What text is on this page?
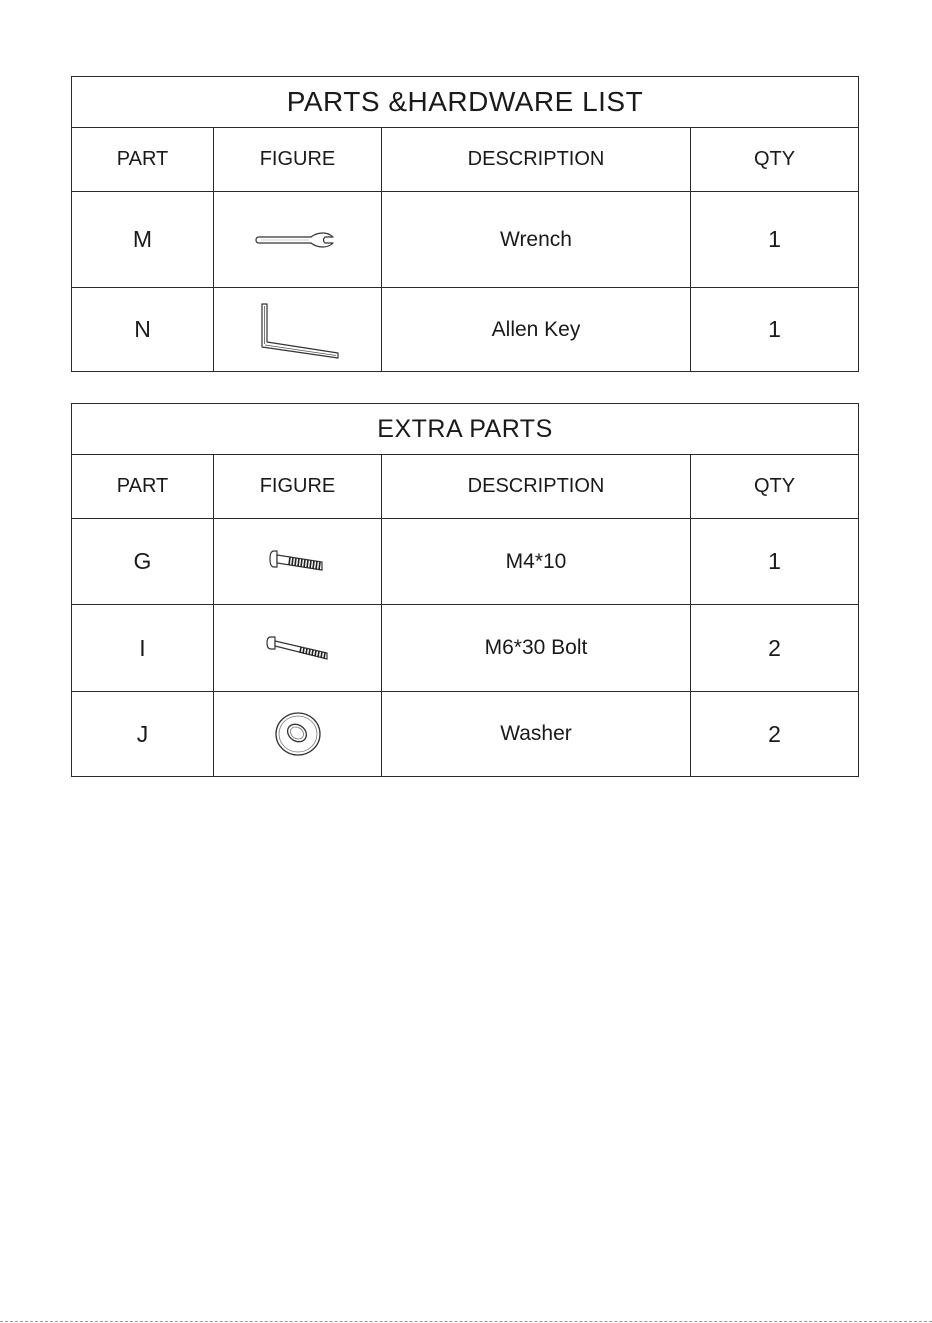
PARTS &HARDWARE LIST			
PART	FIGURE	DESCRIPTION	QTY
M		Wrench	1
N		Allen Key	1
EXTRA PARTS			
PART	FIGURE	DESCRIPTION	QTY
G		M4*10	1
I		M6*30 Bolt	2
J		Washer	2
